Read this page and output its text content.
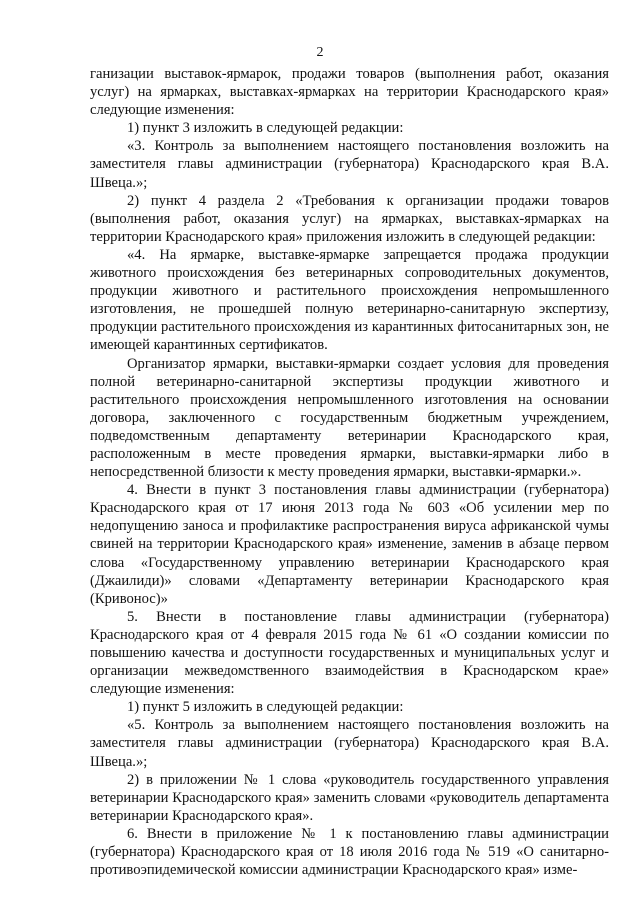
2

ганизации выставок-ярмарок, продажи товаров (выполнения работ, оказания услуг) на ярмарках, выставках-ярмарках на территории Краснодарского края» следующие изменения:

1) пункт 3 изложить в следующей редакции:

«3. Контроль за выполнением настоящего постановления возложить на заместителя главы администрации (губернатора) Краснодарского края В.А. Швеца.»;

2) пункт 4 раздела 2 «Требования к организации продажи товаров (выполнения работ, оказания услуг) на ярмарках, выставках-ярмарках на территории Краснодарского края» приложения изложить в следующей редакции:

«4. На ярмарке, выставке-ярмарке запрещается продажа продукции животного происхождения без ветеринарных сопроводительных документов, продукции животного и растительного происхождения непромышленного изготовления, не прошедшей полную ветеринарно-санитарную экспертизу, продукции растительного происхождения из карантинных фитосанитарных зон, не имеющей карантинных сертификатов.

Организатор ярмарки, выставки-ярмарки создает условия для проведения полной ветеринарно-санитарной экспертизы продукции животного и растительного происхождения непромышленного изготовления на основании договора, заключенного с государственным бюджетным учреждением, подведомственным департаменту ветеринарии Краснодарского края, расположенным в месте проведения ярмарки, выставки-ярмарки либо в непосредственной близости к месту проведения ярмарки, выставки-ярмарки.».

4. Внести в пункт 3 постановления главы администрации (губернатора) Краснодарского края от 17 июня 2013 года № 603 «Об усилении мер по недопущению заноса и профилактике распространения вируса африканской чумы свиней на территории Краснодарского края» изменение, заменив в абзаце первом слова «Государственному управлению ветеринарии Краснодарского края (Джаилиди)» словами «Департаменту ветеринарии Краснодарского края (Кривонос)»

5. Внести в постановление главы администрации (губернатора) Краснодарского края от 4 февраля 2015 года № 61 «О создании комиссии по повышению качества и доступности государственных и муниципальных услуг и организации межведомственного взаимодействия в Краснодарском крае» следующие изменения:

1) пункт 5 изложить в следующей редакции:

«5. Контроль за выполнением настоящего постановления возложить на заместителя главы администрации (губернатора) Краснодарского края В.А. Швеца.»;

2) в приложении № 1 слова «руководитель государственного управления ветеринарии Краснодарского края» заменить словами «руководитель департамента ветеринарии Краснодарского края».

6. Внести в приложение № 1 к постановлению главы администрации (губернатора) Краснодарского края от 18 июля 2016 года № 519 «О санитарно-противоэпидемической комиссии администрации Краснодарского края» изме-
